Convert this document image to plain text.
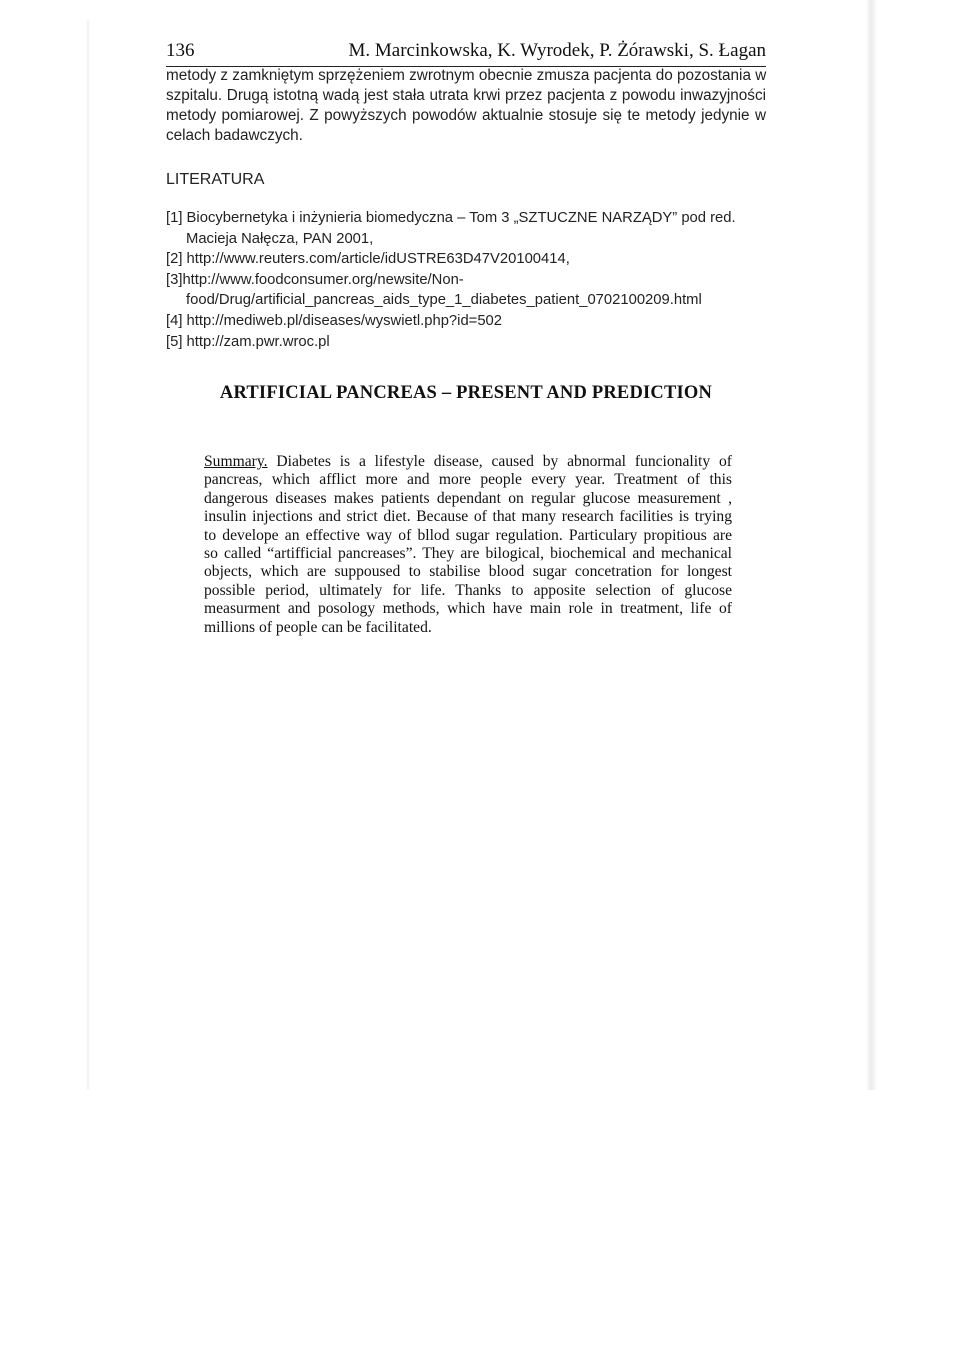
136	M. Marcinkowska, K. Wyrodek, P. Żórawski, S. Łagan
metody z zamkniętym sprzężeniem zwrotnym obecnie zmusza pacjenta do pozostania w
szpitalu. Drugą istotną wadą jest stała utrata krwi przez pacjenta z powodu inwazyjności
metody pomiarowej. Z powyższych powodów aktualnie stosuje się te metody jedynie w
celach badawczych.
LITERATURA
[1] Biocybernetyka i inżynieria biomedyczna – Tom 3 „SZTUCZNE NARZĄDY” pod red.
Macieja Nałęcza, PAN 2001,
[2] http://www.reuters.com/article/idUSTRE63D47V20100414,
[3]http://www.foodconsumer.org/newsite/Non-
food/Drug/artificial_pancreas_aids_type_1_diabetes_patient_0702100209.html
[4] http://mediweb.pl/diseases/wyswietl.php?id=502
[5] http://zam.pwr.wroc.pl
ARTIFICIAL PANCREAS – PRESENT AND PREDICTION
Summary. Diabetes is a lifestyle disease, caused by abnormal funcionality of
pancreas, which afflict more and more people every year. Treatment of this
dangerous diseases makes patients dependant on regular glucose measurement ,
insulin injections and strict diet. Because of that many research facilities is trying
to develope an effective way of bllod sugar regulation. Particulary propitious are
so called “artifficial pancreases”. They are bilogical, biochemical and mechanical
objects, which are suppoused to stabilise blood sugar concetration for longest
possible period, ultimately for life. Thanks to apposite selection of glucose
measurment and posology methods, which have main role in treatment, life of
millions of people can be facilitated.
